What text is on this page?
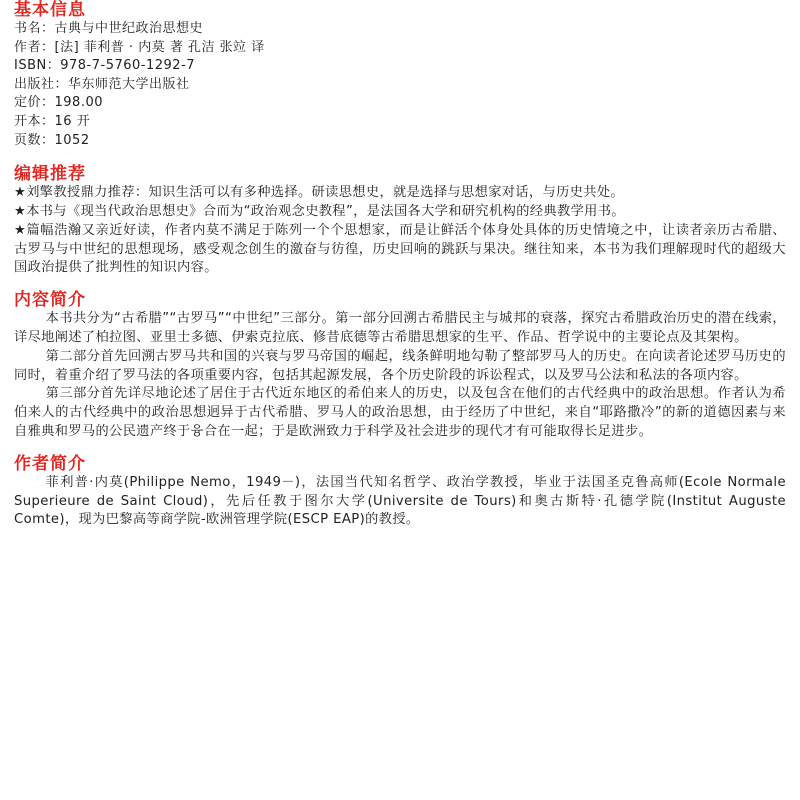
基本信息
书名：古典与中世纪政治思想史
作者：[法] 菲利普 · 内莫 著 孔洁 张竝 译
ISBN：978-7-5760-1292-7
出版社：华东师范大学出版社
定价：198.00
开本：16 开
页数：1052
编辑推荐

★刘擎教授鼎力推荐：知识生活可以有多种选择。研读思想史，就是选择与思想家对话，与历史共处。

★本书与《现当代政治思想史》合而为“政治观念史教程”，是法国各大学和研究机构的经典教学用书。

★篇幅浩瀚又亲近好读，作者内莫不满足于陈列一个个思想家，而是让鲜活个体身处具体的历史情境之中，让读者亲历古希腊、古罗马与中世纪的思想现场，感受观念创生的激奋与彷徨，历史回响的跳跃与果决。继往知来，本书为我们理解现时代的超级大国政治提供了批判性的知识内容。

内容简介

本书共分为“古希腊”“古罗马”“中世纪”三部分。第一部分回溯古希腊民主与城邦的衰落，探究古希腊政治历史的潜在线索，详尽地阐述了柏拉图、亚里士多德、伊索克拉底、修昔底德等古希腊思想家的生平、作品、哲学说中的主要论点及其架构。

第二部分首先回溯古罗马共和国的兴衰与罗马帝国的崛起，线条鲜明地勾勒了整部罗马人的历史。在向读者论述罗马历史的同时，着重介绍了罗马法的各项重要内容，包括其起源发展，各个历史阶段的诉讼程式，以及罗马公法和私法的各项内容。

第三部分首先详尽地论述了居住于古代近东地区的希伯来人的历史，以及包含在他们的古代经典中的政治思想。作者认为希伯来人的古代经典中的政治思想迥异于古代希腊、罗马人的政治思想，由于经历了中世纪，来自“耶路撒冷”的新的道德因素与来自雅典和罗马的公民遗产终于융合在一起；于是欧洲致力于科学及社会进步的现代才有可能取得长足进步。

作者简介

菲利普·内莫(Philippe Nemo，1949－)，法国当代知名哲学、政治学教授，毕业于法国圣克鲁高师(Ecole Normale Superieure de Saint Cloud)，先后任教于图尔大学(Universite de Tours)和奥古斯特·孔德学院(Institut Auguste Comte)，现为巴黎高等商学院-欧洲管理学院(ESCP EAP)的教授。
